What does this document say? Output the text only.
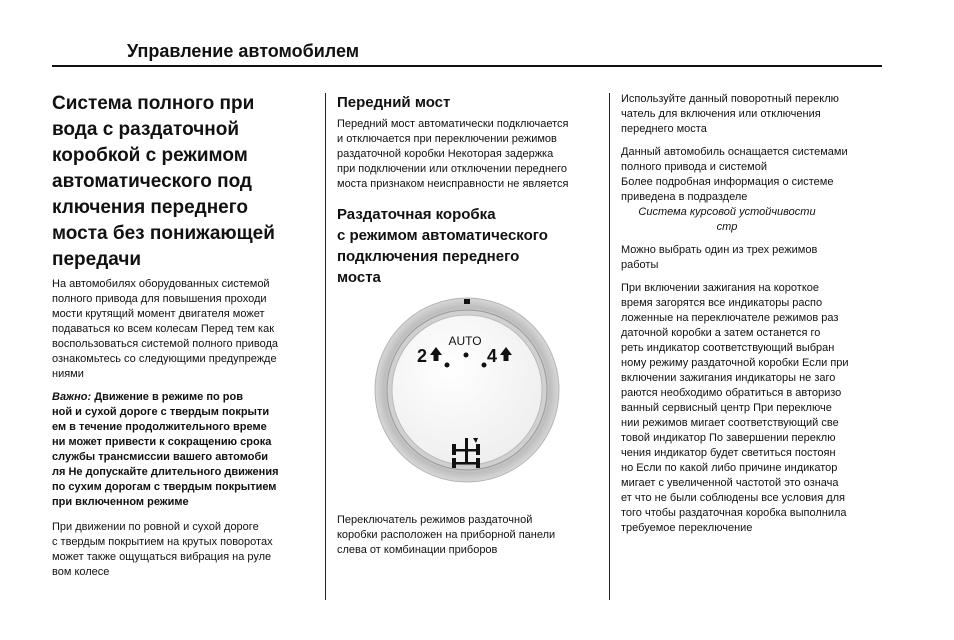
Управление автомобилем
Система полного при
вода с раздаточной
коробкой с режимом
автоматического под
ключения переднего
моста без понижающей
передачи

На автомобилях оборудованных системой
полного привода для повышения проходи
мости крутящий момент двигателя может
подаваться ко всем колесам Перед тем как
воспользоваться системой полного привода
ознакомьтесь со следующими предупрежде
ниями

Важно: Движение в режиме по ров
ной и сухой дороге с твердым покрыти
ем в течение продолжительного време
ни может привести к сокращению срока
службы трансмиссии вашего автомоби
ля Не допускайте длительного движения
по сухим дорогам с твердым покрытием
при включенном режиме

При движении по ровной и сухой дороге
с твердым покрытием на крутых поворотах
может также ощущаться вибрация на руле
вом колесе

Передний мост

Передний мост автоматически подключается
и отключается при переключении режимов
раздаточной коробки Некоторая задержка
при подключении или отключении переднего
моста признаком неисправности не является

Раздаточная коробка
с режимом автоматического
подключения переднего
моста
AUTO
2	4

Переключатель режимов раздаточной
коробки расположен на приборной панели
слева от комбинации приборов

Используйте данный поворотный переклю
чатель для включения или отключения
переднего моста

Данный автомобиль оснащается системами
полного привода и системой
Более подробная информация о системе
приведена в подразделе

Система курсовой устойчивости
стр

Можно выбрать один из трех режимов
работы

При включении зажигания на короткое
время загорятся все индикаторы распо
ложенные на переключателе режимов раз
даточной коробки а затем останется го
реть индикатор соответствующий выбран
ному режиму раздаточной коробки Если при
включении зажигания индикаторы не заго
раются необходимо обратиться в авторизо
ванный сервисный центр При переключе
нии режимов мигает соответствующий све
товой индикатор По завершении переклю
чения индикатор будет светиться постоян
но Если по какой либо причине индикатор
мигает с увеличенной частотой это означа
ет что не были соблюдены все условия для
того чтобы раздаточная коробка выполнила
требуемое переключение
